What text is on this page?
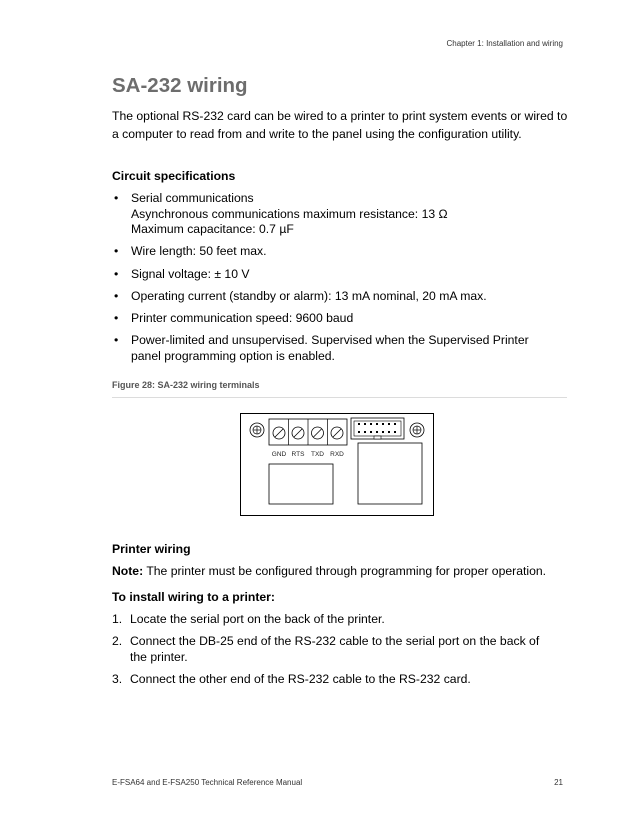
Chapter 1: Installation and wiring
SA-232 wiring

The optional RS-232 card can be wired to a printer to print system events or wired to a computer to read from and write to the panel using the configuration utility.

Circuit specifications
• Serial communications
Asynchronous communications maximum resistance: 13 Ω
Maximum capacitance: 0.7 µF
• Wire length: 50 feet max.
• Signal voltage: ± 10 V
• Operating current (standby or alarm): 13 mA nominal, 20 mA max.
• Printer communication speed: 9600 baud
• Power-limited and unsupervised. Supervised when the Supervised Printer
panel programming option is enabled.
Figure 28: SA-232 wiring terminals
GND RTS TXD RXD
Printer wiring

Note: The printer must be configured through programming for proper operation.

To install wiring to a printer:
1. Locate the serial port on the back of the printer.
2. Connect the DB-25 end of the RS-232 cable to the serial port on the back of
the printer.
3. Connect the other end of the RS-232 cable to the RS-232 card.
E-FSA64 and E-FSA250 Technical Reference Manual	21
